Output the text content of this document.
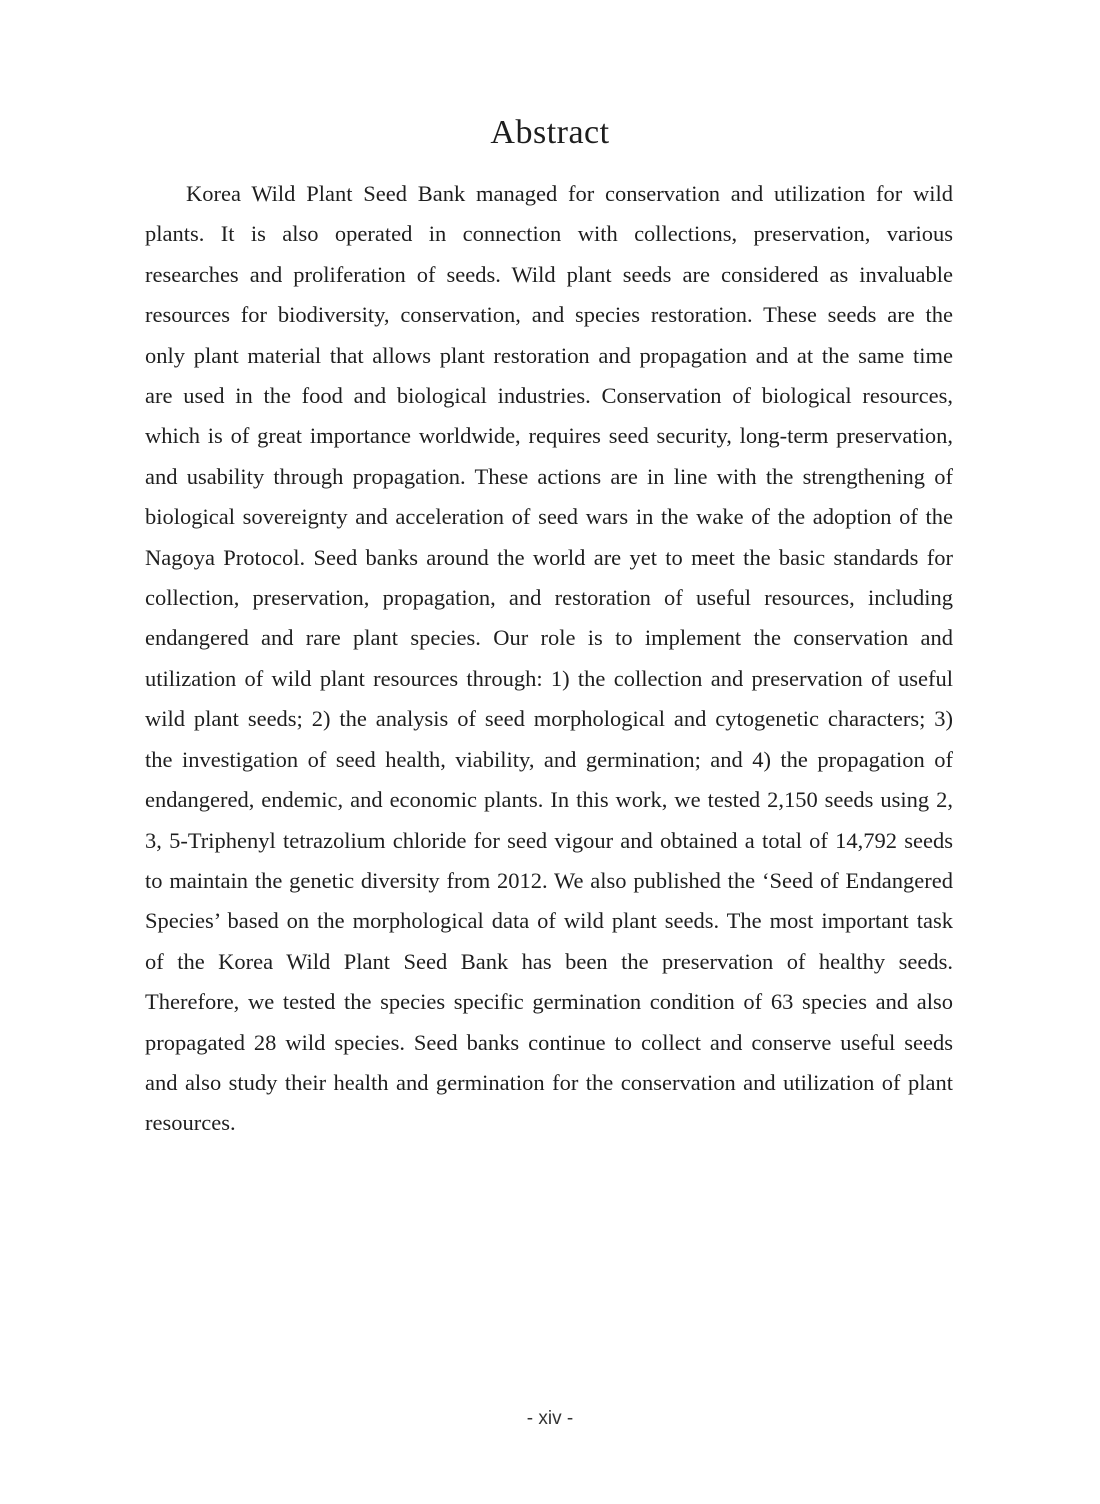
Abstract

Korea Wild Plant Seed Bank managed for conservation and utilization for wild plants. It is also operated in connection with collections, preservation, various researches and proliferation of seeds. Wild plant seeds are considered as invaluable resources for biodiversity, conservation, and species restoration. These seeds are the only plant material that allows plant restoration and propagation and at the same time are used in the food and biological industries. Conservation of biological resources, which is of great importance worldwide, requires seed security, long-term preservation, and usability through propagation. These actions are in line with the strengthening of biological sovereignty and acceleration of seed wars in the wake of the adoption of the Nagoya Protocol. Seed banks around the world are yet to meet the basic standards for collection, preservation, propagation, and restoration of useful resources, including endangered and rare plant species. Our role is to implement the conservation and utilization of wild plant resources through: 1) the collection and preservation of useful wild plant seeds; 2) the analysis of seed morphological and cytogenetic characters; 3) the investigation of seed health, viability, and germination; and 4) the propagation of endangered, endemic, and economic plants. In this work, we tested 2,150 seeds using 2, 3, 5-Triphenyl tetrazolium chloride for seed vigour and obtained a total of 14,792 seeds to maintain the genetic diversity from 2012. We also published the ‘Seed of Endangered Species’ based on the morphological data of wild plant seeds. The most important task of the Korea Wild Plant Seed Bank has been the preservation of healthy seeds. Therefore, we tested the species specific germination condition of 63 species and also propagated 28 wild species. Seed banks continue to collect and conserve useful seeds and also study their health and germination for the conservation and utilization of plant resources.

- xiv -
